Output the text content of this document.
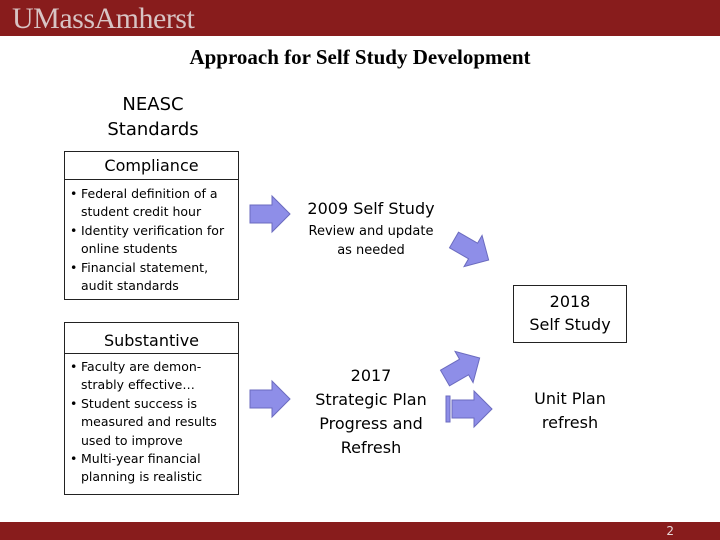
UMassAmherst
Approach for Self Study Development
NEASC
Standards
Compliance
• Federal definition of a student credit hour
• Identity verification for online students
• Financial statement, audit standards
Substantive
• Faculty are demon-strably effective…
• Student success is measured and results used to improve
• Multi-year financial planning is realistic
2009 Self Study
Review and update
as needed
2018
Self Study
2017
Strategic Plan
Progress and
Refresh
Unit Plan
refresh
2
